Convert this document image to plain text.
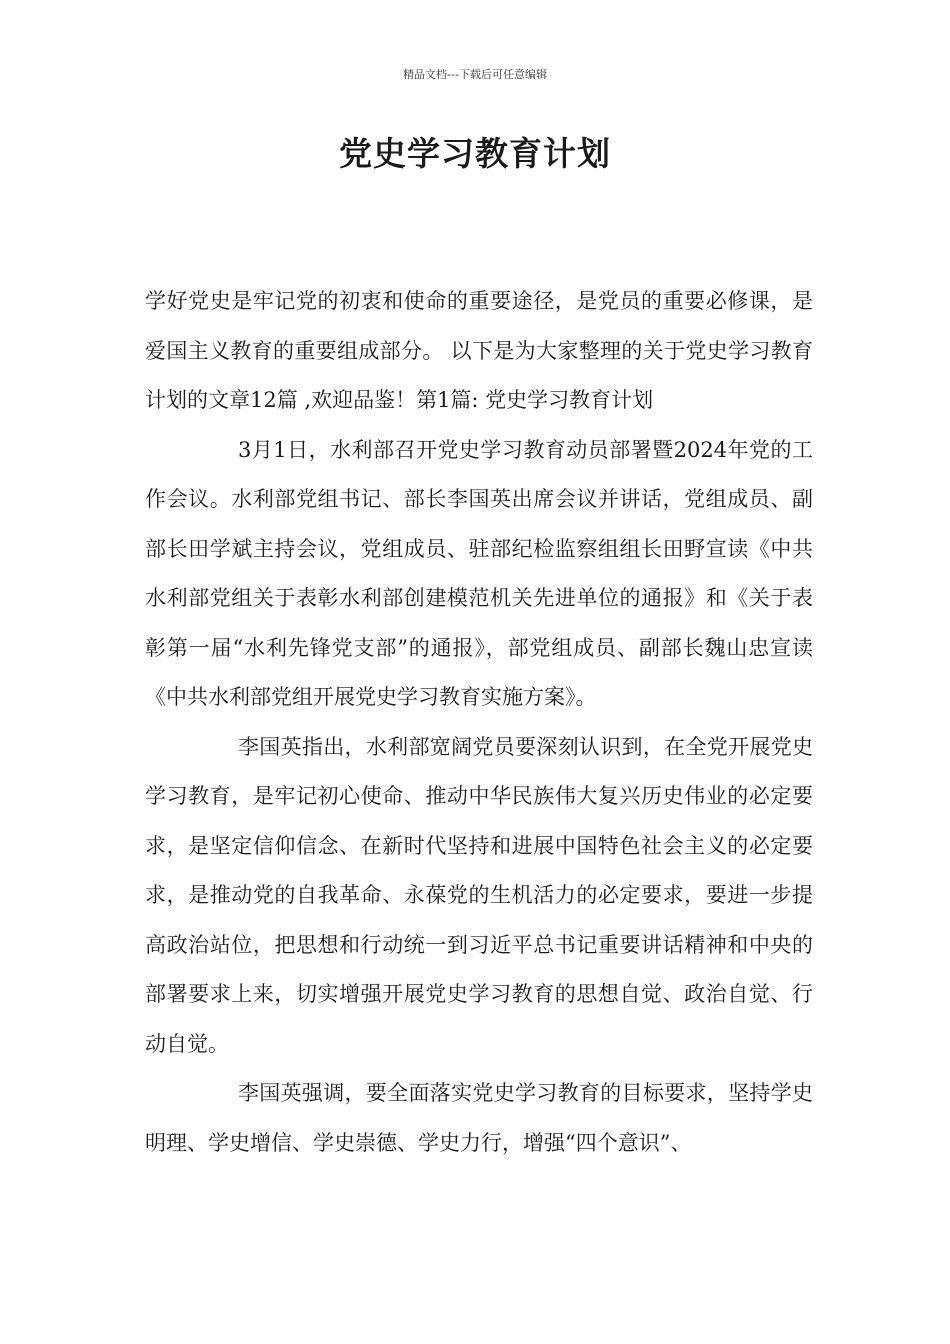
精品文档---下载后可任意编辑
党史学习教育计划

学好党史是牢记党的初衷和使命的重要途径，是党员的重要必修课，是爱国主义教育的重要组成部分。 以下是为大家整理的关于党史学习教育计划的文章12篇 ,欢迎品鉴！第1篇: 党史学习教育计划

3月1日，水利部召开党史学习教育动员部署暨2024年党的工作会议。水利部党组书记、部长李国英出席会议并讲话，党组成员、副部长田学斌主持会议，党组成员、驻部纪检监察组组长田野宣读《中共水利部党组关于表彰水利部创建模范机关先进单位的通报》和《关于表彰第一届“水利先锋党支部”的通报》，部党组成员、副部长魏山忠宣读《中共水利部党组开展党史学习教育实施方案》。

李国英指出，水利部宽阔党员要深刻认识到，在全党开展党史学习教育，是牢记初心使命、推动中华民族伟大复兴历史伟业的必定要求，是坚定信仰信念、在新时代坚持和进展中国特色社会主义的必定要求，是推动党的自我革命、永葆党的生机活力的必定要求，要进一步提高政治站位，把思想和行动统一到习近平总书记重要讲话精神和中央的部署要求上来，切实增强开展党史学习教育的思想自觉、政治自觉、行动自觉。

李国英强调，要全面落实党史学习教育的目标要求，坚持学史明理、学史增信、学史崇德、学史力行，增强“四个意识”、
